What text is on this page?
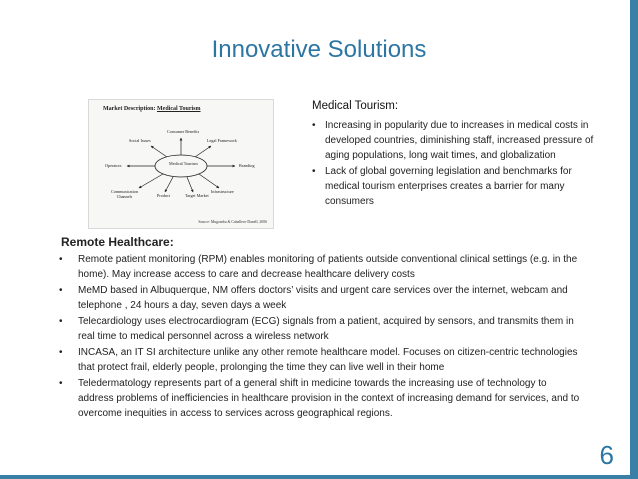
Innovative Solutions
Market Description: Medical Tourism
Medical Tourism
Consumer Benefits
Social Issues	Legal Framework
Operators	Branding
Communication
Channels	Product	Target Market
Infrastructure
Source: Mugomba & Caballero-Danell, 2006
Medical Tourism:
• Increasing in popularity due to increases in medical costs in developed countries, diminishing staff, increased pressure of aging populations, long wait times, and globalization
• Lack of global governing legislation and benchmarks for medical tourism enterprises creates a barrier for many consumers
Remote Healthcare:
• Remote patient monitoring (RPM) enables monitoring of patients outside conventional clinical settings (e.g. in the home). May increase access to care and decrease healthcare delivery costs
• MeMD based in Albuquerque, NM offers doctors’ visits and urgent care services over the internet, webcam and telephone , 24 hours a day, seven days a week
• Telecardiology uses electrocardiogram (ECG) signals from a patient, acquired by sensors, and transmits them in real time to medical personnel across a wireless network
• INCASA, an IT SI architecture unlike any other remote healthcare model. Focuses on citizen-centric technologies that protect frail, elderly people, prolonging the time they can live well in their home
• Teledermatology represents part of a general shift in medicine towards the increasing use of technology to address problems of inefficiencies in healthcare provision in the context of increasing demand for services, and to overcome inequities in access to services across geographical regions.
6
